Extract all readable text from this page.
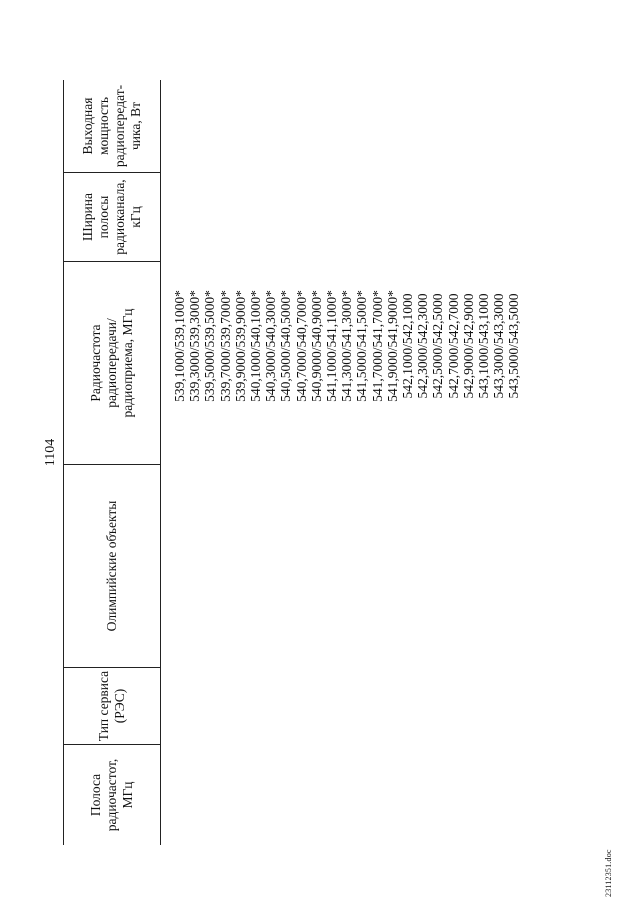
1104
Полоса радиочастот, МГц
Тип сервиса (РЭС)
Олимпийские объекты
Радиочастота радиопередачи/ радиоприема, МГц
Ширина полосы радиоканала, кГц
Выходная мощность радиопередат- чика, Вт
539,1000/539,1000* 539,3000/539,3000* 539,5000/539,5000* 539,7000/539,7000* 539,9000/539,9000* 540,1000/540,1000* 540,3000/540,3000* 540,5000/540,5000* 540,7000/540,7000* 540,9000/540,9000* 541,1000/541,1000* 541,3000/541,3000* 541,5000/541,5000* 541,7000/541,7000* 541,9000/541,9000* 542,1000/542,1000 542,3000/542,3000 542,5000/542,5000 542,7000/542,7000 542,9000/542,9000 543,1000/543,1000 543,3000/543,3000 543,5000/543,5000
23112351.doc
